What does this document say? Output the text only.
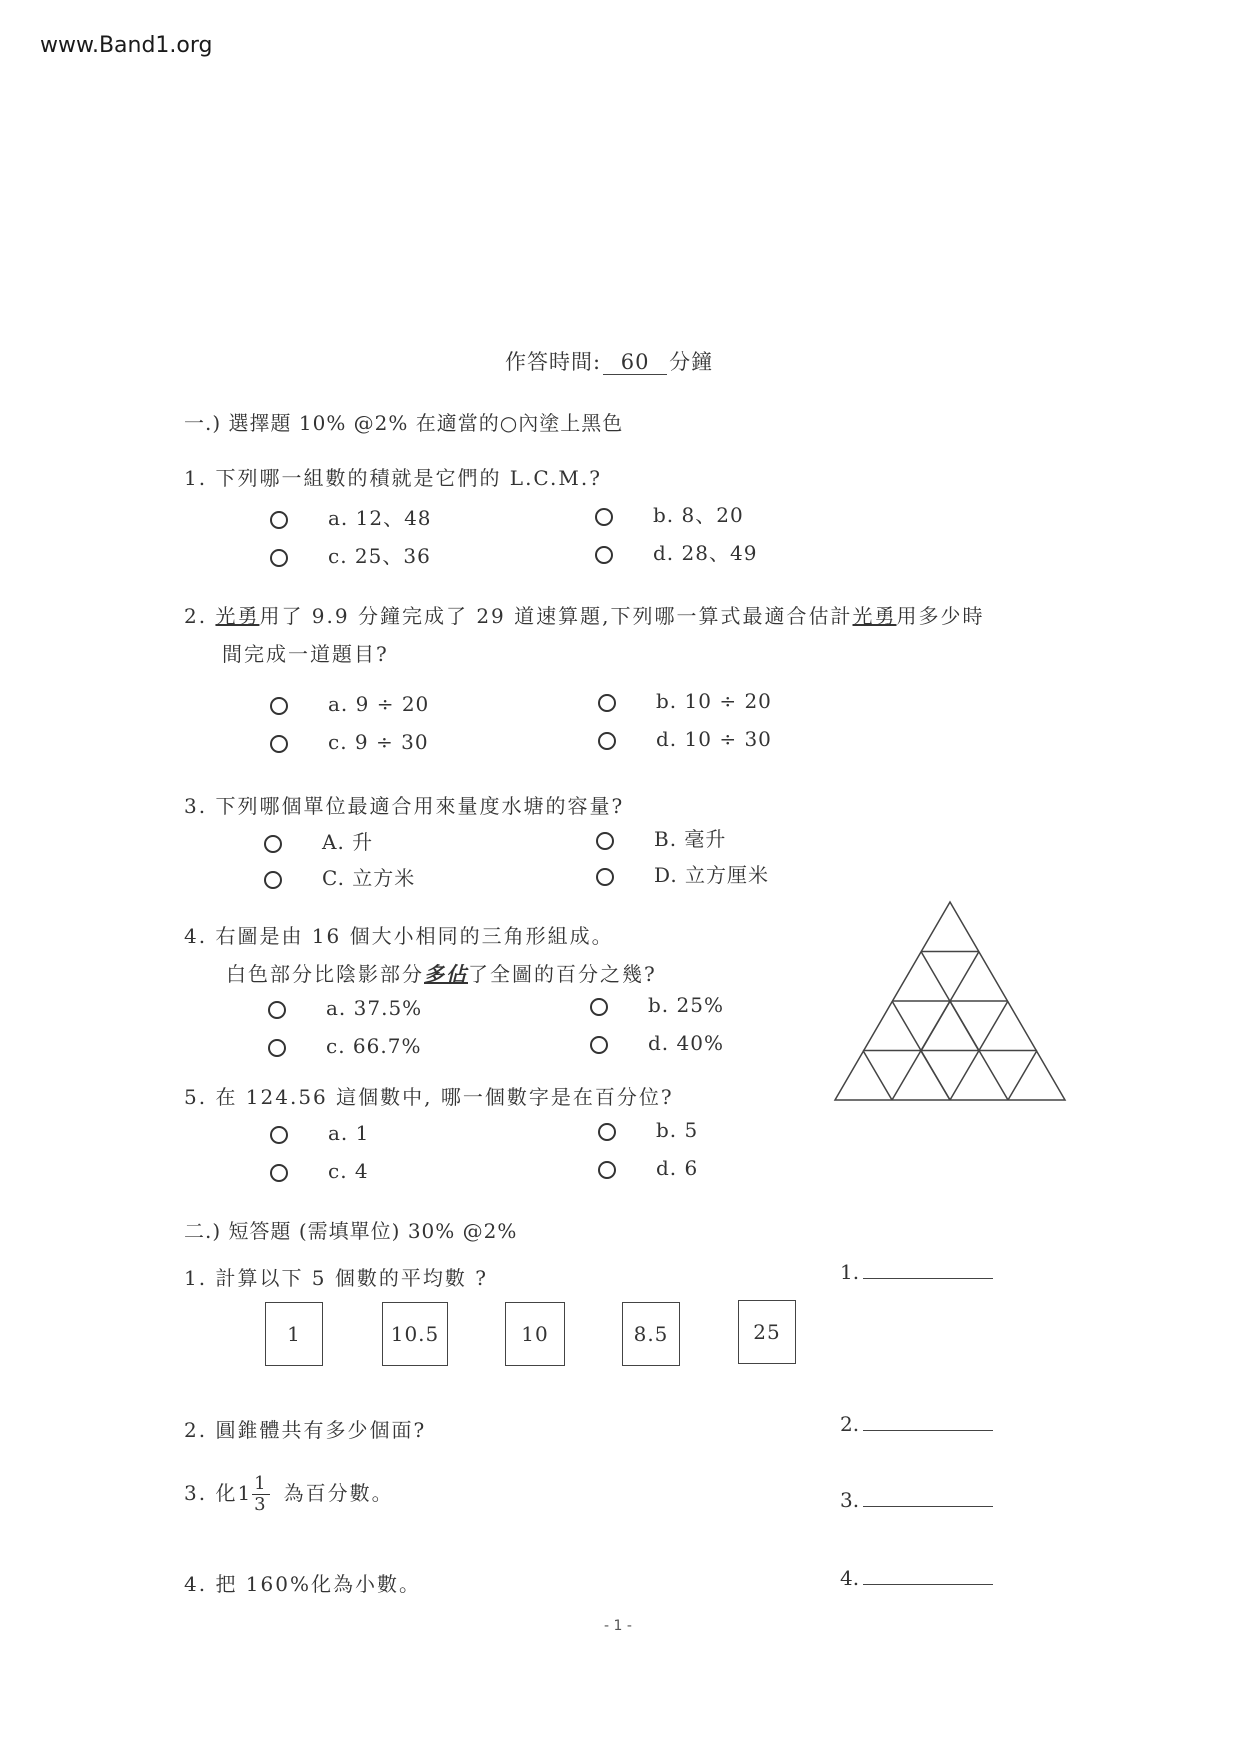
www.Band1.org
作答時間: 60 分鐘
一.) 選擇題 10% @2% 在適當的○內塗上黑色
1. 下列哪一組數的積就是它們的 L.C.M.?
a. 12、48	b. 8、20
c. 25、36	d. 28、49
2. 光勇用了 9.9 分鐘完成了 29 道速算題,下列哪一算式最適合估計光勇用多少時
間完成一道題目?
a. 9 ÷ 20	b. 10 ÷ 20
c. 9 ÷ 30	d. 10 ÷ 30
3. 下列哪個單位最適合用來量度水塘的容量?
A. 升	B. 毫升
C. 立方米	D. 立方厘米
4. 右圖是由 16 個大小相同的三角形組成。
白色部分比陰影部分多佔了全圖的百分之幾?
a. 37.5%	b. 25%
c. 66.7%	d. 40%
5. 在 124.56 這個數中, 哪一個數字是在百分位?
a. 1	b. 5
c. 4	d. 6
二.) 短答題 (需填單位) 30% @2%
1. 計算以下 5 個數的平均數 ?	1.
1	10.5	10	8.5	25
2. 圓錐體共有多少個面?	2.
3. 化$1 \frac{1}{3}$ 為百分數。	3.
4. 把 160%化為小數。	4.
- 1 -
